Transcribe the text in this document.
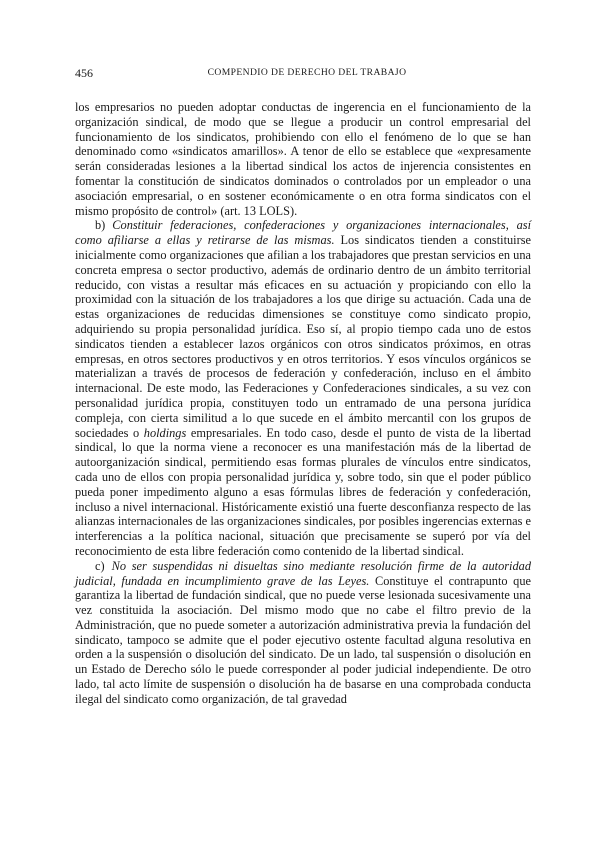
456	COMPENDIO DE DERECHO DEL TRABAJO

los empresarios no pueden adoptar conductas de ingerencia en el funcionamiento de la organización sindical, de modo que se llegue a producir un control empresarial del funcionamiento de los sindicatos, prohibiendo con ello el fenómeno de lo que se han denominado como «sindicatos amarillos». A tenor de ello se establece que «expresamente serán consideradas lesiones a la libertad sindical los actos de injerencia consistentes en fomentar la constitución de sindicatos dominados o controlados por un empleador o una asociación empresarial, o en sostener económicamente o en otra forma sindicatos con el mismo propósito de control» (art. 13 LOLS).

b) Constituir federaciones, confederaciones y organizaciones internacionales, así como afiliarse a ellas y retirarse de las mismas. Los sindicatos tienden a constituirse inicialmente como organizaciones que afilian a los trabajadores que prestan servicios en una concreta empresa o sector productivo, además de ordinario dentro de un ámbito territorial reducido, con vistas a resultar más eficaces en su actuación y propiciando con ello la proximidad con la situación de los trabajadores a los que dirige su actuación. Cada una de estas organizaciones de reducidas dimensiones se constituye como sindicato propio, adquiriendo su propia personalidad jurídica. Eso sí, al propio tiempo cada uno de estos sindicatos tienden a establecer lazos orgánicos con otros sindicatos próximos, en otras empresas, en otros sectores productivos y en otros territorios. Y esos vínculos orgánicos se materializan a través de procesos de federación y confederación, incluso en el ámbito internacional. De este modo, las Federaciones y Confederaciones sindicales, a su vez con personalidad jurídica propia, constituyen todo un entramado de una persona jurídica compleja, con cierta similitud a lo que sucede en el ámbito mercantil con los grupos de sociedades o holdings empresariales. En todo caso, desde el punto de vista de la libertad sindical, lo que la norma viene a reconocer es una manifestación más de la libertad de autoorganización sindical, permitiendo esas formas plurales de vínculos entre sindicatos, cada uno de ellos con propia personalidad jurídica y, sobre todo, sin que el poder público pueda poner impedimento alguno a esas fórmulas libres de federación y confederación, incluso a nivel internacional. Históricamente existió una fuerte desconfianza respecto de las alianzas internacionales de las organizaciones sindicales, por posibles ingerencias externas e interferencias a la política nacional, situación que precisamente se superó por vía del reconocimiento de esta libre federación como contenido de la libertad sindical.

c) No ser suspendidas ni disueltas sino mediante resolución firme de la autoridad judicial, fundada en incumplimiento grave de las Leyes. Constituye el contrapunto que garantiza la libertad de fundación sindical, que no puede verse lesionada sucesivamente una vez constituida la asociación. Del mismo modo que no cabe el filtro previo de la Administración, que no puede someter a autorización administrativa previa la fundación del sindicato, tampoco se admite que el poder ejecutivo ostente facultad alguna resolutiva en orden a la suspensión o disolución del sindicato. De un lado, tal suspensión o disolución en un Estado de Derecho sólo le puede corresponder al poder judicial independiente. De otro lado, tal acto límite de suspensión o disolución ha de basarse en una comprobada conducta ilegal del sindicato como organización, de tal gravedad
